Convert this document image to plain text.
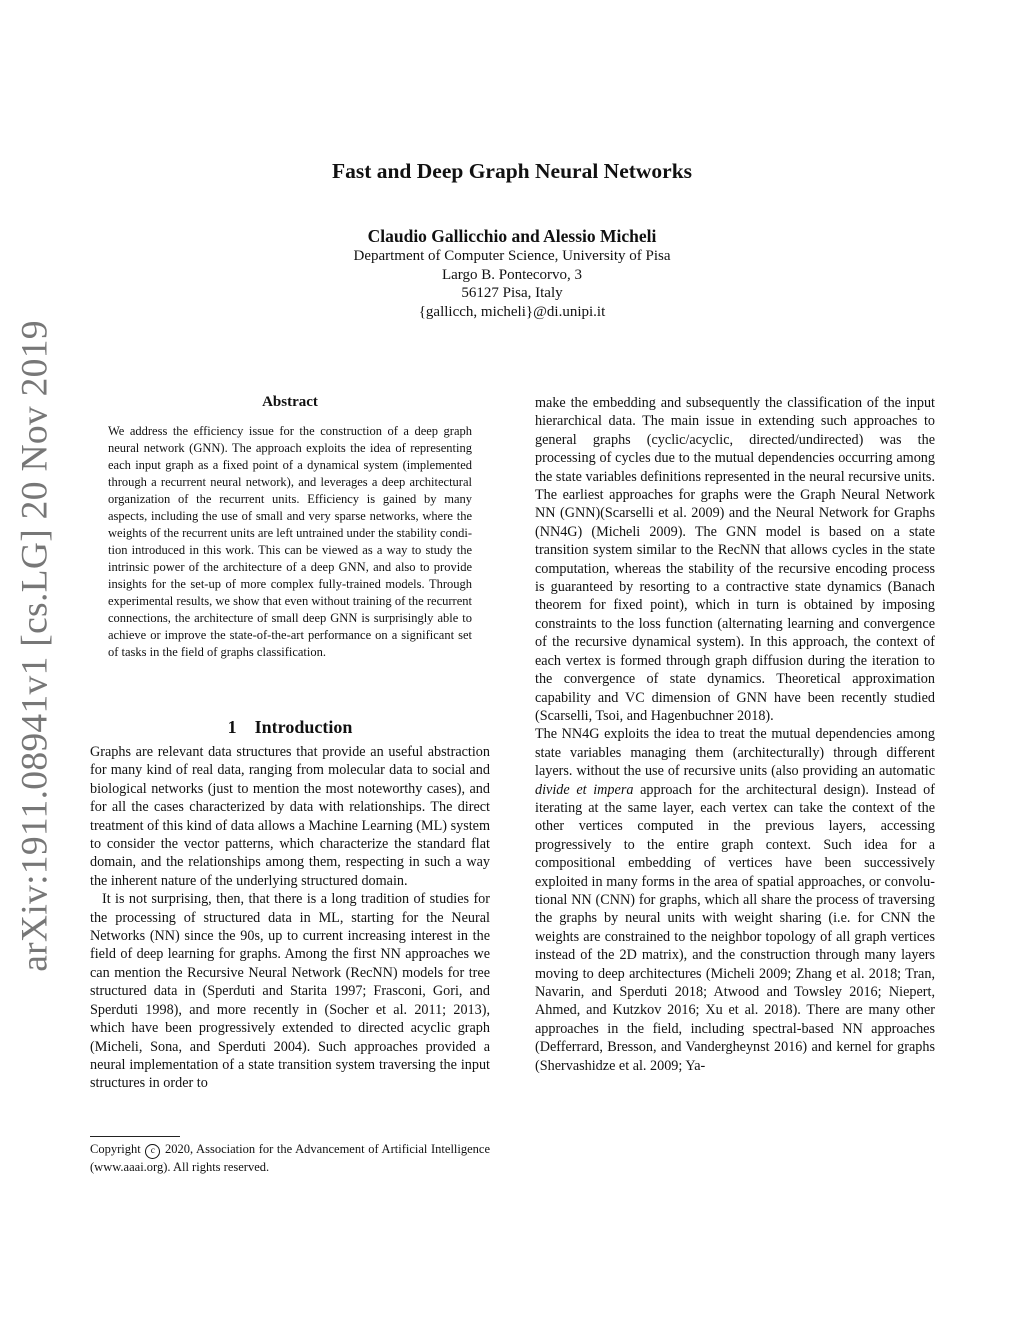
arXiv:1911.08941v1 [cs.LG] 20 Nov 2019
Fast and Deep Graph Neural Networks
Claudio Gallicchio and Alessio Micheli
Department of Computer Science, University of Pisa
Largo B. Pontecorvo, 3
56127 Pisa, Italy
{gallicch, micheli}@di.unipi.it
Abstract

We address the efficiency issue for the construction of a deep graph neural network (GNN). The approach exploits the idea of representing each input graph as a fixed point of a dynamical system (implemented through a recurrent neural network), and leverages a deep architectural organization of the recurrent units. Efficiency is gained by many aspects, including the use of small and very sparse networks, where the weights of the recurrent units are left untrained under the stability condition introduced in this work. This can be viewed as a way to study the intrinsic power of the architecture of a deep GNN, and also to provide insights for the set-up of more complex fully-trained models. Through experimental results, we show that even without training of the recurrent connections, the architecture of small deep GNN is surprisingly able to achieve or improve the state-of-the-art performance on a significant set of tasks in the field of graphs classification.

1 Introduction

Graphs are relevant data structures that provide an useful abstraction for many kind of real data, ranging from molecular data to social and biological networks (just to mention the most noteworthy cases), and for all the cases characterized by data with relationships. The direct treatment of this kind of data allows a Machine Learning (ML) system to consider the vector patterns, which characterize the standard flat domain, and the relationships among them, respecting in such a way the inherent nature of the underlying structured domain.

It is not surprising, then, that there is a long tradition of studies for the processing of structured data in ML, starting for the Neural Networks (NN) since the 90s, up to current increasing interest in the field of deep learning for graphs. Among the first NN approaches we can mention the Recursive Neural Network (RecNN) models for tree structured data in (Sperduti and Starita 1997; Frasconi, Gori, and Sperduti 1998), and more recently in (Socher et al. 2011; 2013), which have been progressively extended to directed acyclic graph (Micheli, Sona, and Sperduti 2004). Such approaches provided a neural implementation of a state transition system traversing the input structures in order to

Copyright c 2020, Association for the Advancement of Artificial Intelligence (www.aaai.org). All rights reserved.

make the embedding and subsequently the classification of the input hierarchical data. The main issue in extending such approaches to general graphs (cyclic/acyclic, directed/undirected) was the processing of cycles due to the mutual dependencies occurring among the state variables definitions represented in the neural recursive units. The earliest approaches for graphs were the Graph Neural Network NN (GNN)(Scarselli et al. 2009) and the Neural Network for Graphs (NN4G) (Micheli 2009). The GNN model is based on a state transition system similar to the RecNN that allows cycles in the state computation, whereas the stability of the recursive encoding process is guaranteed by resorting to a contractive state dynamics (Banach theorem for fixed point), which in turn is obtained by imposing constraints to the loss function (alternating learning and convergence of the recursive dynamical system). In this approach, the context of each vertex is formed through graph diffusion during the iteration to the convergence of state dynamics. Theoretical approximation capability and VC dimension of GNN have been recently studied (Scarselli, Tsoi, and Hagenbuchner 2018).

The NN4G exploits the idea to treat the mutual dependencies among state variables managing them (architecturally) through different layers. without the use of recursive units (also providing an automatic divide et impera approach for the architectural design). Instead of iterating at the same layer, each vertex can take the context of the other vertices computed in the previous layers, accessing progressively to the entire graph context. Such idea for a compositional embedding of vertices have been successively exploited in many forms in the area of spatial approaches, or convolutional NN (CNN) for graphs, which all share the process of traversing the graphs by neural units with weight sharing (i.e. for CNN the weights are constrained to the neighbor topology of all graph vertices instead of the 2D matrix), and the construction through many layers moving to deep architectures (Micheli 2009; Zhang et al. 2018; Tran, Navarin, and Sperduti 2018; Atwood and Towsley 2016; Niepert, Ahmed, and Kutzkov 2016; Xu et al. 2018). There are many other approaches in the field, including spectral-based NN approaches (Defferrard, Bresson, and Vandergheynst 2016) and kernel for graphs (Shervashidze et al. 2009; Ya-
